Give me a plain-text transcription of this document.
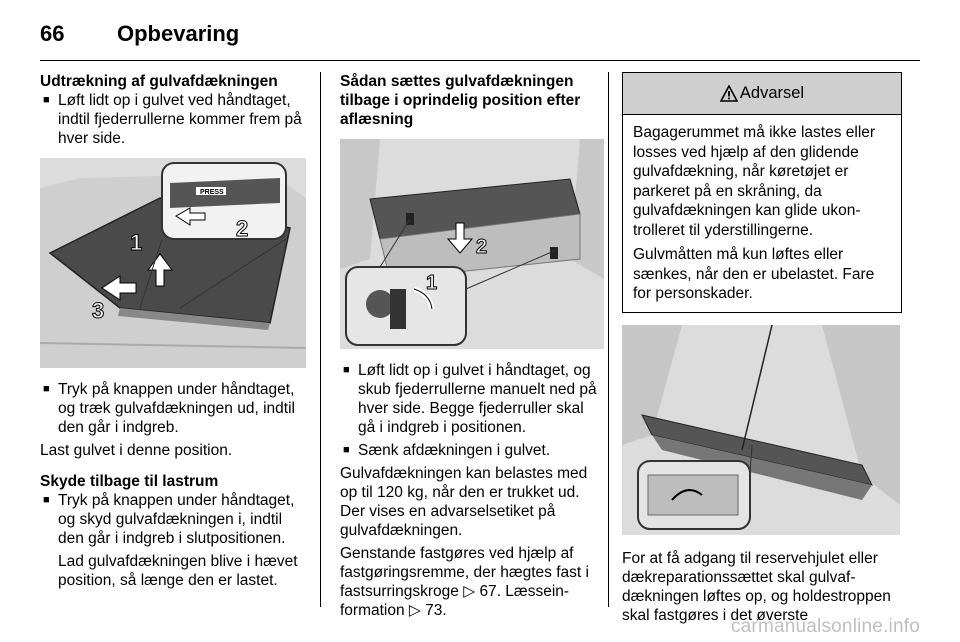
66	Opbevaring
Udtrækning af gulvafdækningen
■ Løft lidt op i gulvet ved håndtaget, indtil fjederrullerne kommer frem på hver side.
PRESS
1
2
3
■ Tryk på knappen under håndtaget, og træk gulvafdækningen ud, indtil den går i indgreb.
Last gulvet i denne position.
Skyde tilbage til lastrum
■ Tryk på knappen under håndtaget, og skyd gulvafdækningen i, indtil den går i indgreb i slutpositionen.
Lad gulvafdækningen blive i hævet position, så længe den er lastet.
Sådan sættes gulvafdækningen tilbage i oprindelig position efter aflæsning
2
1
■ Løft lidt op i gulvet i håndtaget, og skub fjederrullerne manuelt ned på hver side. Begge fjederruller skal gå i indgreb i positionen.
■ Sænk afdækningen i gulvet.
Gulvafdækningen kan belastes med op til 120 kg, når den er trukket ud. Der vises en advarselsetiket på gulvafdækningen.
Genstande fastgøres ved hjælp af fastgøringsremme, der hægtes fast i fastsurringskroge ▷ 67. Læsseinformation ▷ 73.
Advarsel
Bagagerummet må ikke lastes eller losses ved hjælp af den glidende gulvafdækning, når køretøjet er parkeret på en skråning, da gulvafdækningen kan glide ukontrolleret til yderstillingerne.
Gulvmåtten må kun løftes eller sænkes, når den er ubelastet. Fare for personskader.
For at få adgang til reservehjulet eller dækreparationssættet skal gulvafdækningen løftes op, og holdestroppen skal fastgøres i det øverste
carmanualsonline.info
